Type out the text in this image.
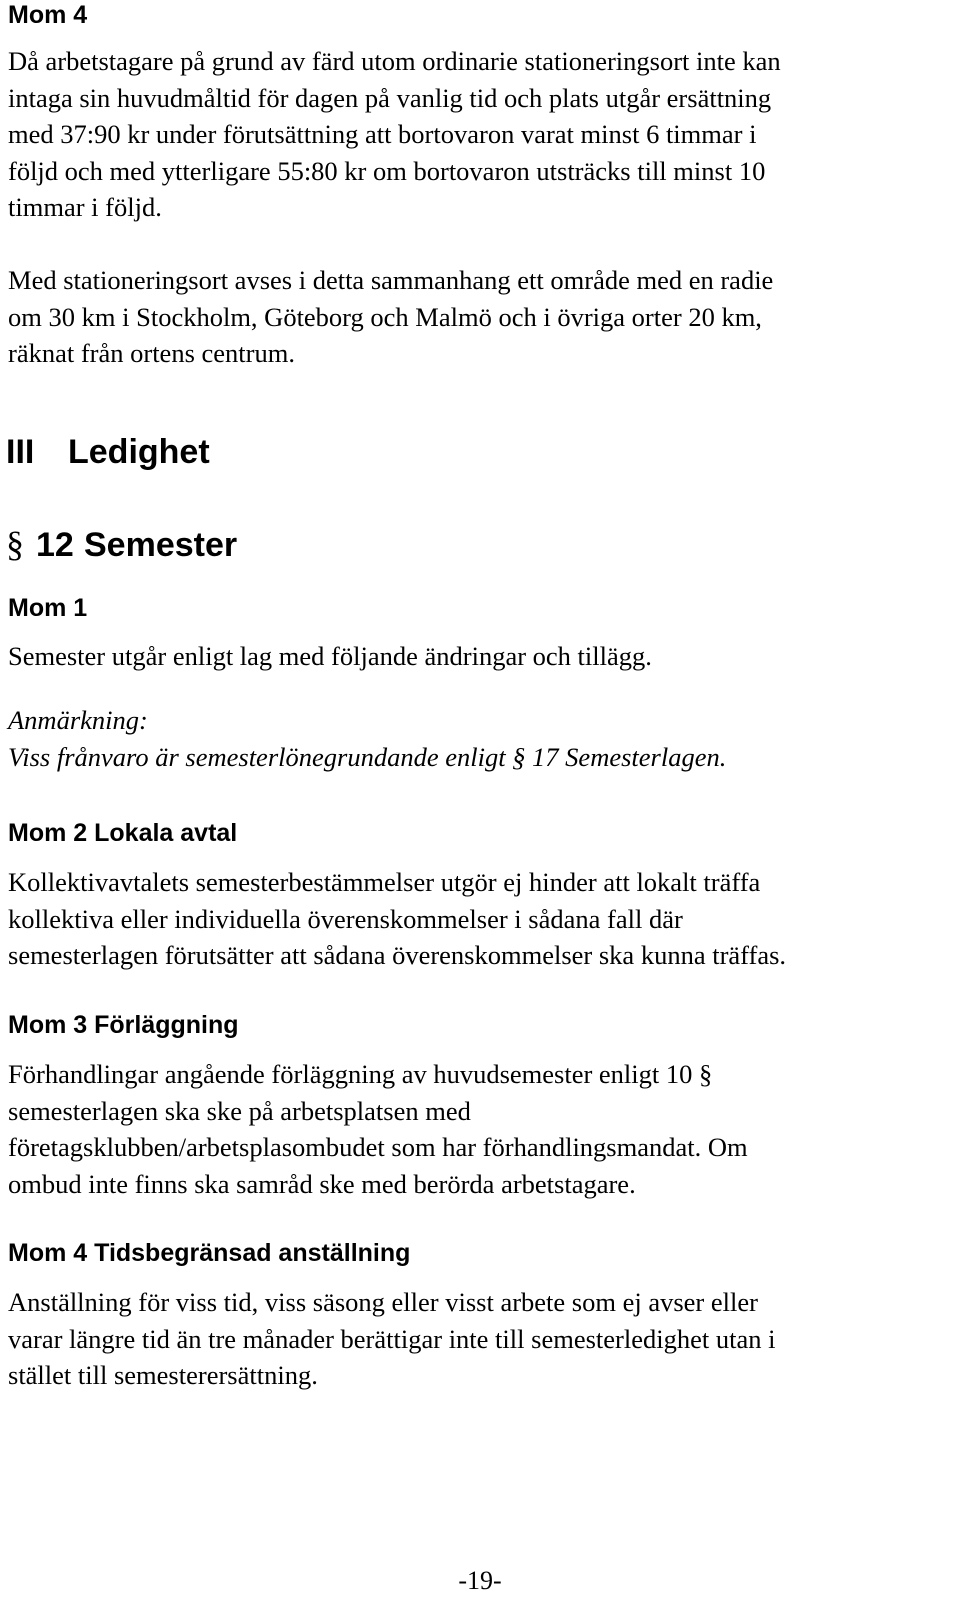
Mom 4

Då arbetstagare på grund av färd utom ordinarie stationeringsort inte kan
intaga sin huvudmåltid för dagen på vanlig tid och plats utgår ersättning
med 37:90 kr under förutsättning att bortovaron varat minst 6 timmar i
följd och med ytterligare 55:80 kr om bortovaron utsträcks till minst 10
timmar i följd.

Med stationeringsort avses i detta sammanhang ett område med en radie
om 30 km i Stockholm, Göteborg och Malmö och i övriga orter 20 km,
räknat från ortens centrum.

III Ledighet
§ 12 Semester
Mom 1

Semester utgår enligt lag med följande ändringar och tillägg.

Anmärkning:
Viss frånvaro är semesterlönegrundande enligt § 17 Semesterlagen.

Mom 2 Lokala avtal

Kollektivavtalets semesterbestämmelser utgör ej hinder att lokalt träffa
kollektiva eller individuella överenskommelser i sådana fall där
semesterlagen förutsätter att sådana överenskommelser ska kunna träffas.

Mom 3 Förläggning

Förhandlingar angående förläggning av huvudsemester enligt 10 §
semesterlagen ska ske på arbetsplatsen med
företagsklubben/arbetsplasombudet som har förhandlingsmandat. Om
ombud inte finns ska samråd ske med berörda arbetstagare.

Mom 4 Tidsbegränsad anställning

Anställning för viss tid, viss säsong eller visst arbete som ej avser eller
varar längre tid än tre månader berättigar inte till semesterledighet utan i
stället till semesterersättning.

-19-
